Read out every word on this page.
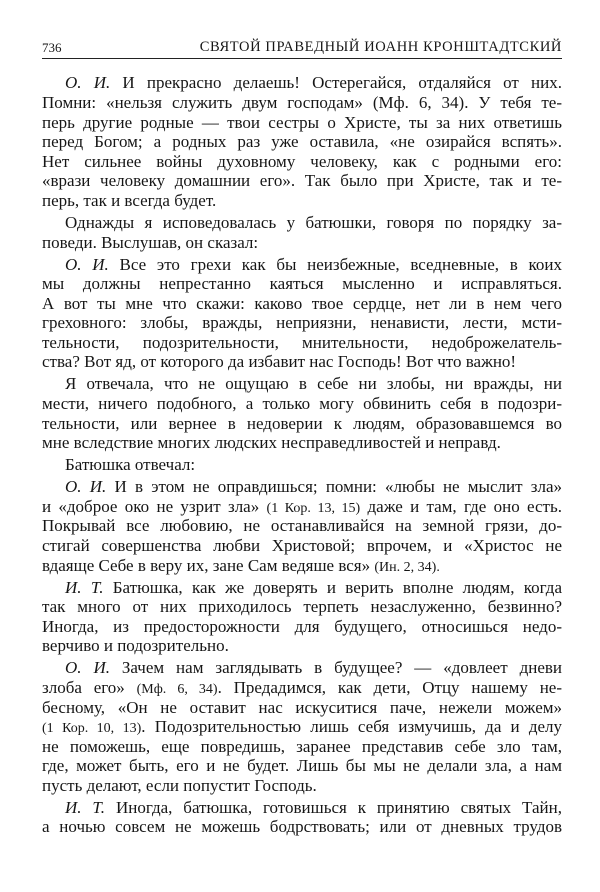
736	СВЯТОЙ ПРАВЕДНЫЙ ИОАНН КРОНШТАДТСКИЙ
О. И. И прекрасно делаешь! Остерегайся, отдаляйся от них.
Помни: «нельзя служить двум господам» (Мф. 6, 34). У тебя те-
перь другие родные — твои сестры о Христе, ты за них ответишь
перед Богом; а родных раз уже оставила, «не озирайся вспять».
Нет сильнее войны духовному человеку, как с родными его:
«врази человеку домашнии его». Так было при Христе, так и те-
перь, так и всегда будет.
Однажды я исповедовалась у батюшки, говоря по порядку за-
поведи. Выслушав, он сказал:
О. И. Все это грехи как бы неизбежные, вседневные, в коих
мы должны непрестанно каяться мысленно и исправляться.
А вот ты мне что скажи: каково твое сердце, нет ли в нем чего
греховного: злобы, вражды, неприязни, ненависти, лести, мсти-
тельности, подозрительности, мнительности, недоброжелатель-
ства? Вот яд, от которого да избавит нас Господь! Вот что важно!
Я отвечала, что не ощущаю в себе ни злобы, ни вражды, ни
мести, ничего подобного, а только могу обвинить себя в подозри-
тельности, или вернее в недоверии к людям, образовавшемся во
мне вследствие многих людских несправедливостей и неправд.
Батюшка отвечал:
О. И. И в этом не оправдишься; помни: «любы не мыслит зла»
и «доброе око не узрит зла» (1 Кор. 13, 15) даже и там, где оно есть.
Покрывай все любовию, не останавливайся на земной грязи, до-
стигай совершенства любви Христовой; впрочем, и «Христос не
вдаяще Себе в веру их, зане Сам ведяше вся» (Ин. 2, 34).
И. Т. Батюшка, как же доверять и верить вполне людям, когда
так много от них приходилось терпеть незаслуженно, безвинно?
Иногда, из предосторожности для будущего, относишься недо-
верчиво и подозрительно.
О. И. Зачем нам заглядывать в будущее? — «довлеет дневи
злоба его» (Мф. 6, 34). Предадимся, как дети, Отцу нашему не-
бесному, «Он не оставит нас искуситися паче, нежели можем»
(1 Кор. 10, 13). Подозрительностью лишь себя измучишь, да и делу
не поможешь, еще повредишь, заранее представив себе зло там,
где, может быть, его и не будет. Лишь бы мы не делали зла, а нам
пусть делают, если попустит Господь.
И. Т. Иногда, батюшка, готовишься к принятию святых Тайн,
а ночью совсем не можешь бодрствовать; или от дневных трудов
